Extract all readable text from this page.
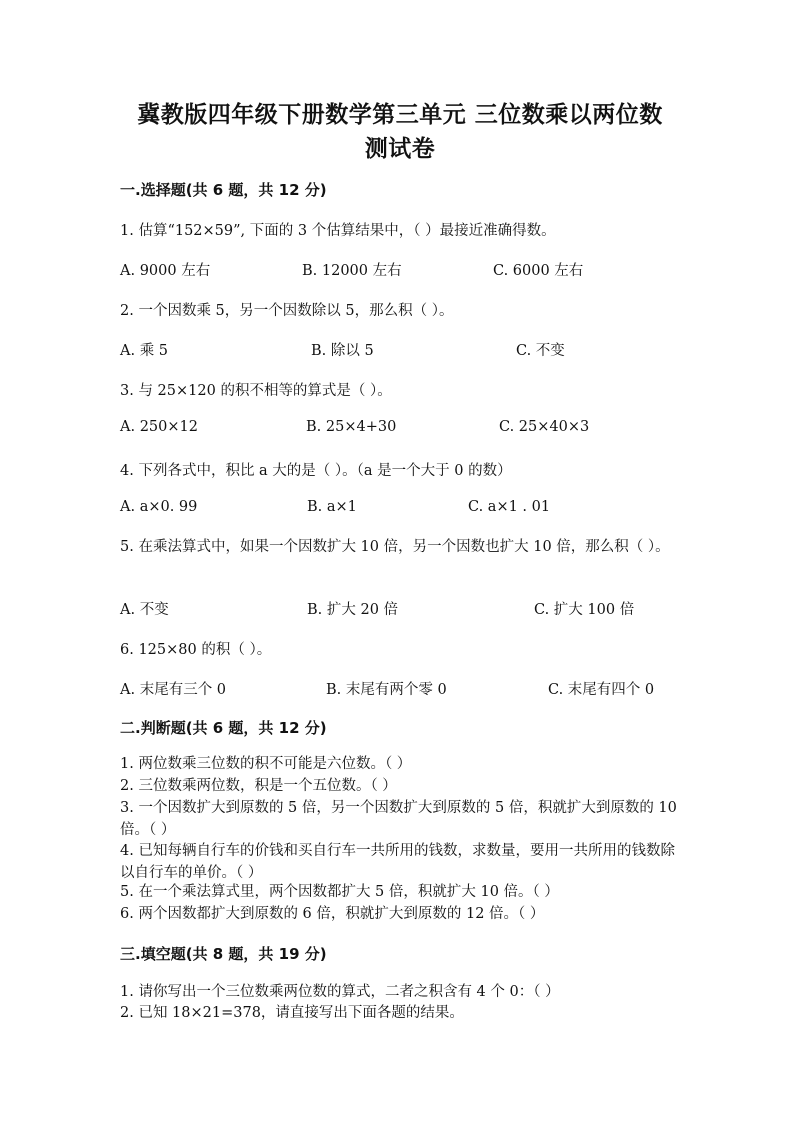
冀教版四年级下册数学第三单元 三位数乘以两位数
测试卷
一.选择题(共 6 题，共 12 分)
1. 估算“152×59”, 下面的 3 个估算结果中，（ ）最接近准确得数。
A. 9000 左右	B. 12000 左右	C. 6000 左右
2. 一个因数乘 5，另一个因数除以 5，那么积（ ）。
A. 乘 5	B. 除以 5	C. 不变
3. 与 25×120 的积不相等的算式是（ ）。
A. 250×12	B. 25×4+30	C. 25×40×3
4. 下列各式中，积比 a 大的是（ ）。（a 是一个大于 0 的数）
A. a×0. 99	B. a×1	C. a×1 . 01
5. 在乘法算式中，如果一个因数扩大 10 倍，另一个因数也扩大 10 倍，那么积（ ）。
A. 不变	B. 扩大 20 倍	C. 扩大 100 倍
6. 125×80 的积（ ）。
A. 末尾有三个 0	B. 末尾有两个零 0	C. 末尾有四个 0
二.判断题(共 6 题，共 12 分)
1. 两位数乘三位数的积不可能是六位数。（ ）
2. 三位数乘两位数，积是一个五位数。（ ）
3. 一个因数扩大到原数的 5 倍，另一个因数扩大到原数的 5 倍，积就扩大到原数的 10 倍。（ ）
4. 已知每辆自行车的价钱和买自行车一共所用的钱数，求数量，要用一共所用的钱数除以自行车的单价。（ ）
5. 在一个乘法算式里，两个因数都扩大 5 倍，积就扩大 10 倍。（ ）
6. 两个因数都扩大到原数的 6 倍，积就扩大到原数的 12 倍。（ ）
三.填空题(共 8 题，共 19 分)
1. 请你写出一个三位数乘两位数的算式，二者之积含有 4 个 0：（ ）
2. 已知 18×21=378，请直接写出下面各题的结果。
